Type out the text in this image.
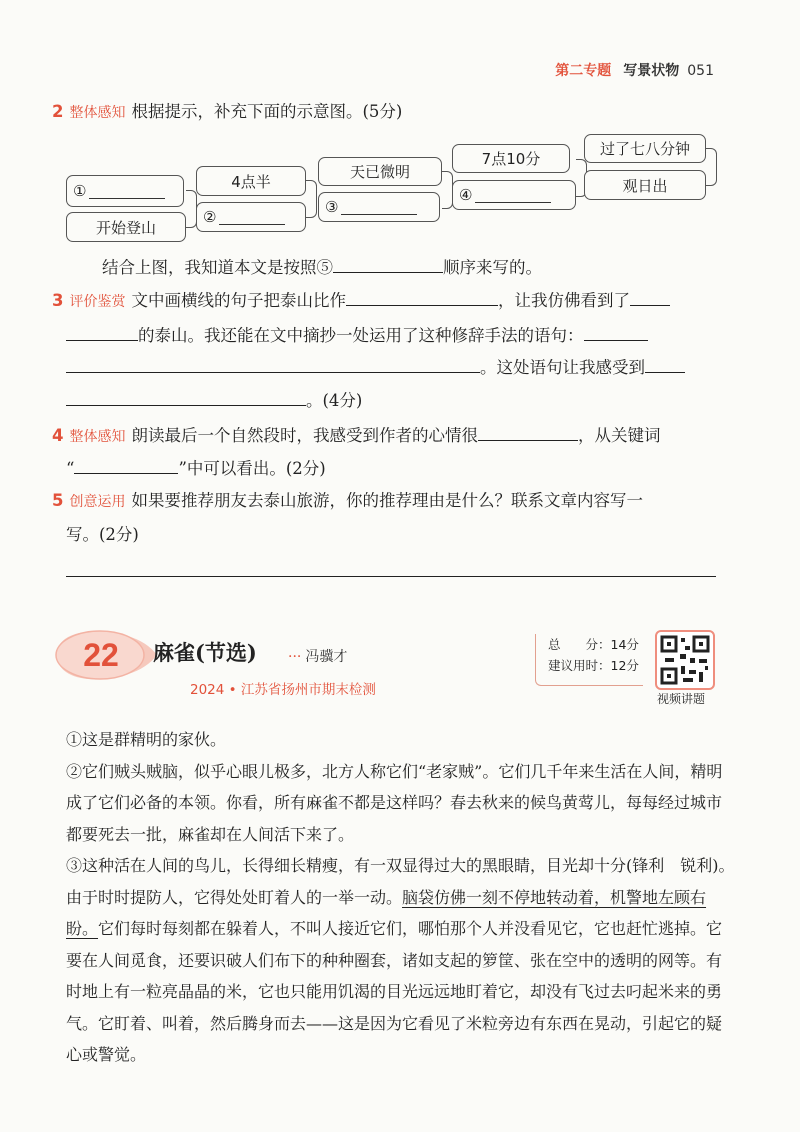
第二专题 写景状物 051
2 整体感知 根据提示，补充下面的示意图。(5分)
①
开始登山
4点半
②
天已微明
③
7点10分
④
过了七八分钟
观日出
结合上图，我知道本文是按照⑤	顺序来写的。
3 评价鉴赏 文中画横线的句子把泰山比作	，让我仿佛看到了
的泰山。我还能在文中摘抄一处运用了这种修辞手法的语句：
。这处语句让我感受到
。(4分)
4 整体感知 朗读最后一个自然段时，我感受到作者的心情很	，从关键词
“	”中可以看出。(2分)
5 创意运用 如果要推荐朋友去泰山旅游，你的推荐理由是什么？联系文章内容写一
写。(2分)
22 麻雀(节选) ··· 冯骥才
2024 • 江苏省扬州市期末检测
总　　分：14分
建议用时：12分
视频讲题

①这是群精明的家伙。

②它们贼头贼脑，似乎心眼儿极多，北方人称它们“老家贼”。它们几千年来生活在人间，精明成了它们必备的本领。你看，所有麻雀不都是这样吗？春去秋来的候鸟黄莺儿，每每经过城市都要死去一批，麻雀却在人间活下来了。

③这种活在人间的鸟儿，长得细长精瘦，有一双显得过大的黑眼睛，目光却十分(锋利　锐利)。由于时时提防人，它得处处盯着人的一举一动。脑袋仿佛一刻不停地转动着，机警地左顾右盼。它们每时每刻都在躲着人，不叫人接近它们，哪怕那个人并没看见它，它也赶忙逃掉。它要在人间觅食，还要识破人们布下的种种圈套，诸如支起的箩筐、张在空中的透明的网等。有时地上有一粒亮晶晶的米，它也只能用饥渴的目光远远地盯着它，却没有飞过去叼起米来的勇气。它盯着、叫着，然后腾身而去——这是因为它看见了米粒旁边有东西在晃动，引起它的疑心或警觉。
